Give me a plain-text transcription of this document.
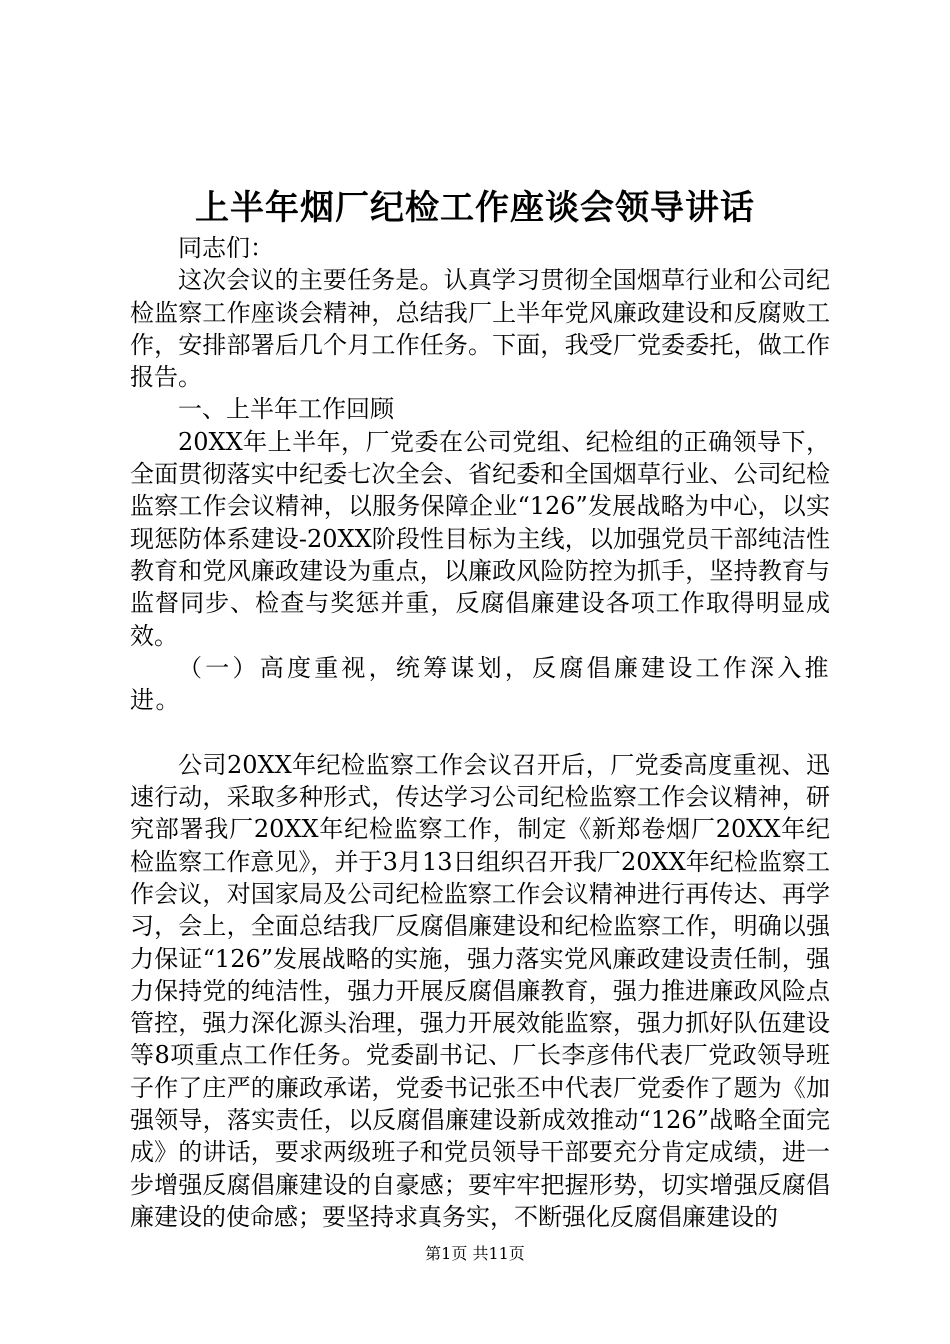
上半年烟厂纪检工作座谈会领导讲话

同志们：

这次会议的主要任务是。认真学习贯彻全国烟草行业和公司纪检监察工作座谈会精神，总结我厂上半年党风廉政建设和反腐败工作，安排部署后几个月工作任务。下面，我受厂党委委托，做工作报告。

一、上半年工作回顾

20XX年上半年，厂党委在公司党组、纪检组的正确领导下，全面贯彻落实中纪委七次全会、省纪委和全国烟草行业、公司纪检监察工作会议精神，以服务保障企业“126”发展战略为中心，以实现惩防体系建设-20XX阶段性目标为主线，以加强党员干部纯洁性教育和党风廉政建设为重点，以廉政风险防控为抓手，坚持教育与监督同步、检查与奖惩并重，反腐倡廉建设各项工作取得明显成效。

（一）高度重视，统筹谋划，反腐倡廉建设工作深入推进。

公司20XX年纪检监察工作会议召开后，厂党委高度重视、迅速行动，采取多种形式，传达学习公司纪检监察工作会议精神，研究部署我厂20XX年纪检监察工作，制定《新郑卷烟厂20XX年纪检监察工作意见》，并于3月13日组织召开我厂20XX年纪检监察工作会议，对国家局及公司纪检监察工作会议精神进行再传达、再学习，会上，全面总结我厂反腐倡廉建设和纪检监察工作，明确以强力保证“126”发展战略的实施，强力落实党风廉政建设责任制，强力保持党的纯洁性，强力开展反腐倡廉教育，强力推进廉政风险点管控，强力深化源头治理，强力开展效能监察，强力抓好队伍建设等8项重点工作任务。党委副书记、厂长李彦伟代表厂党政领导班子作了庄严的廉政承诺，党委书记张丕中代表厂党委作了题为《加强领导，落实责任，以反腐倡廉建设新成效推动“126”战略全面完成》的讲话，要求两级班子和党员领导干部要充分肯定成绩，进一步增强反腐倡廉建设的自豪感；要牢牢把握形势，切实增强反腐倡廉建设的使命感；要坚持求真务实，不断强化反腐倡廉建设的

第1页 共11页
